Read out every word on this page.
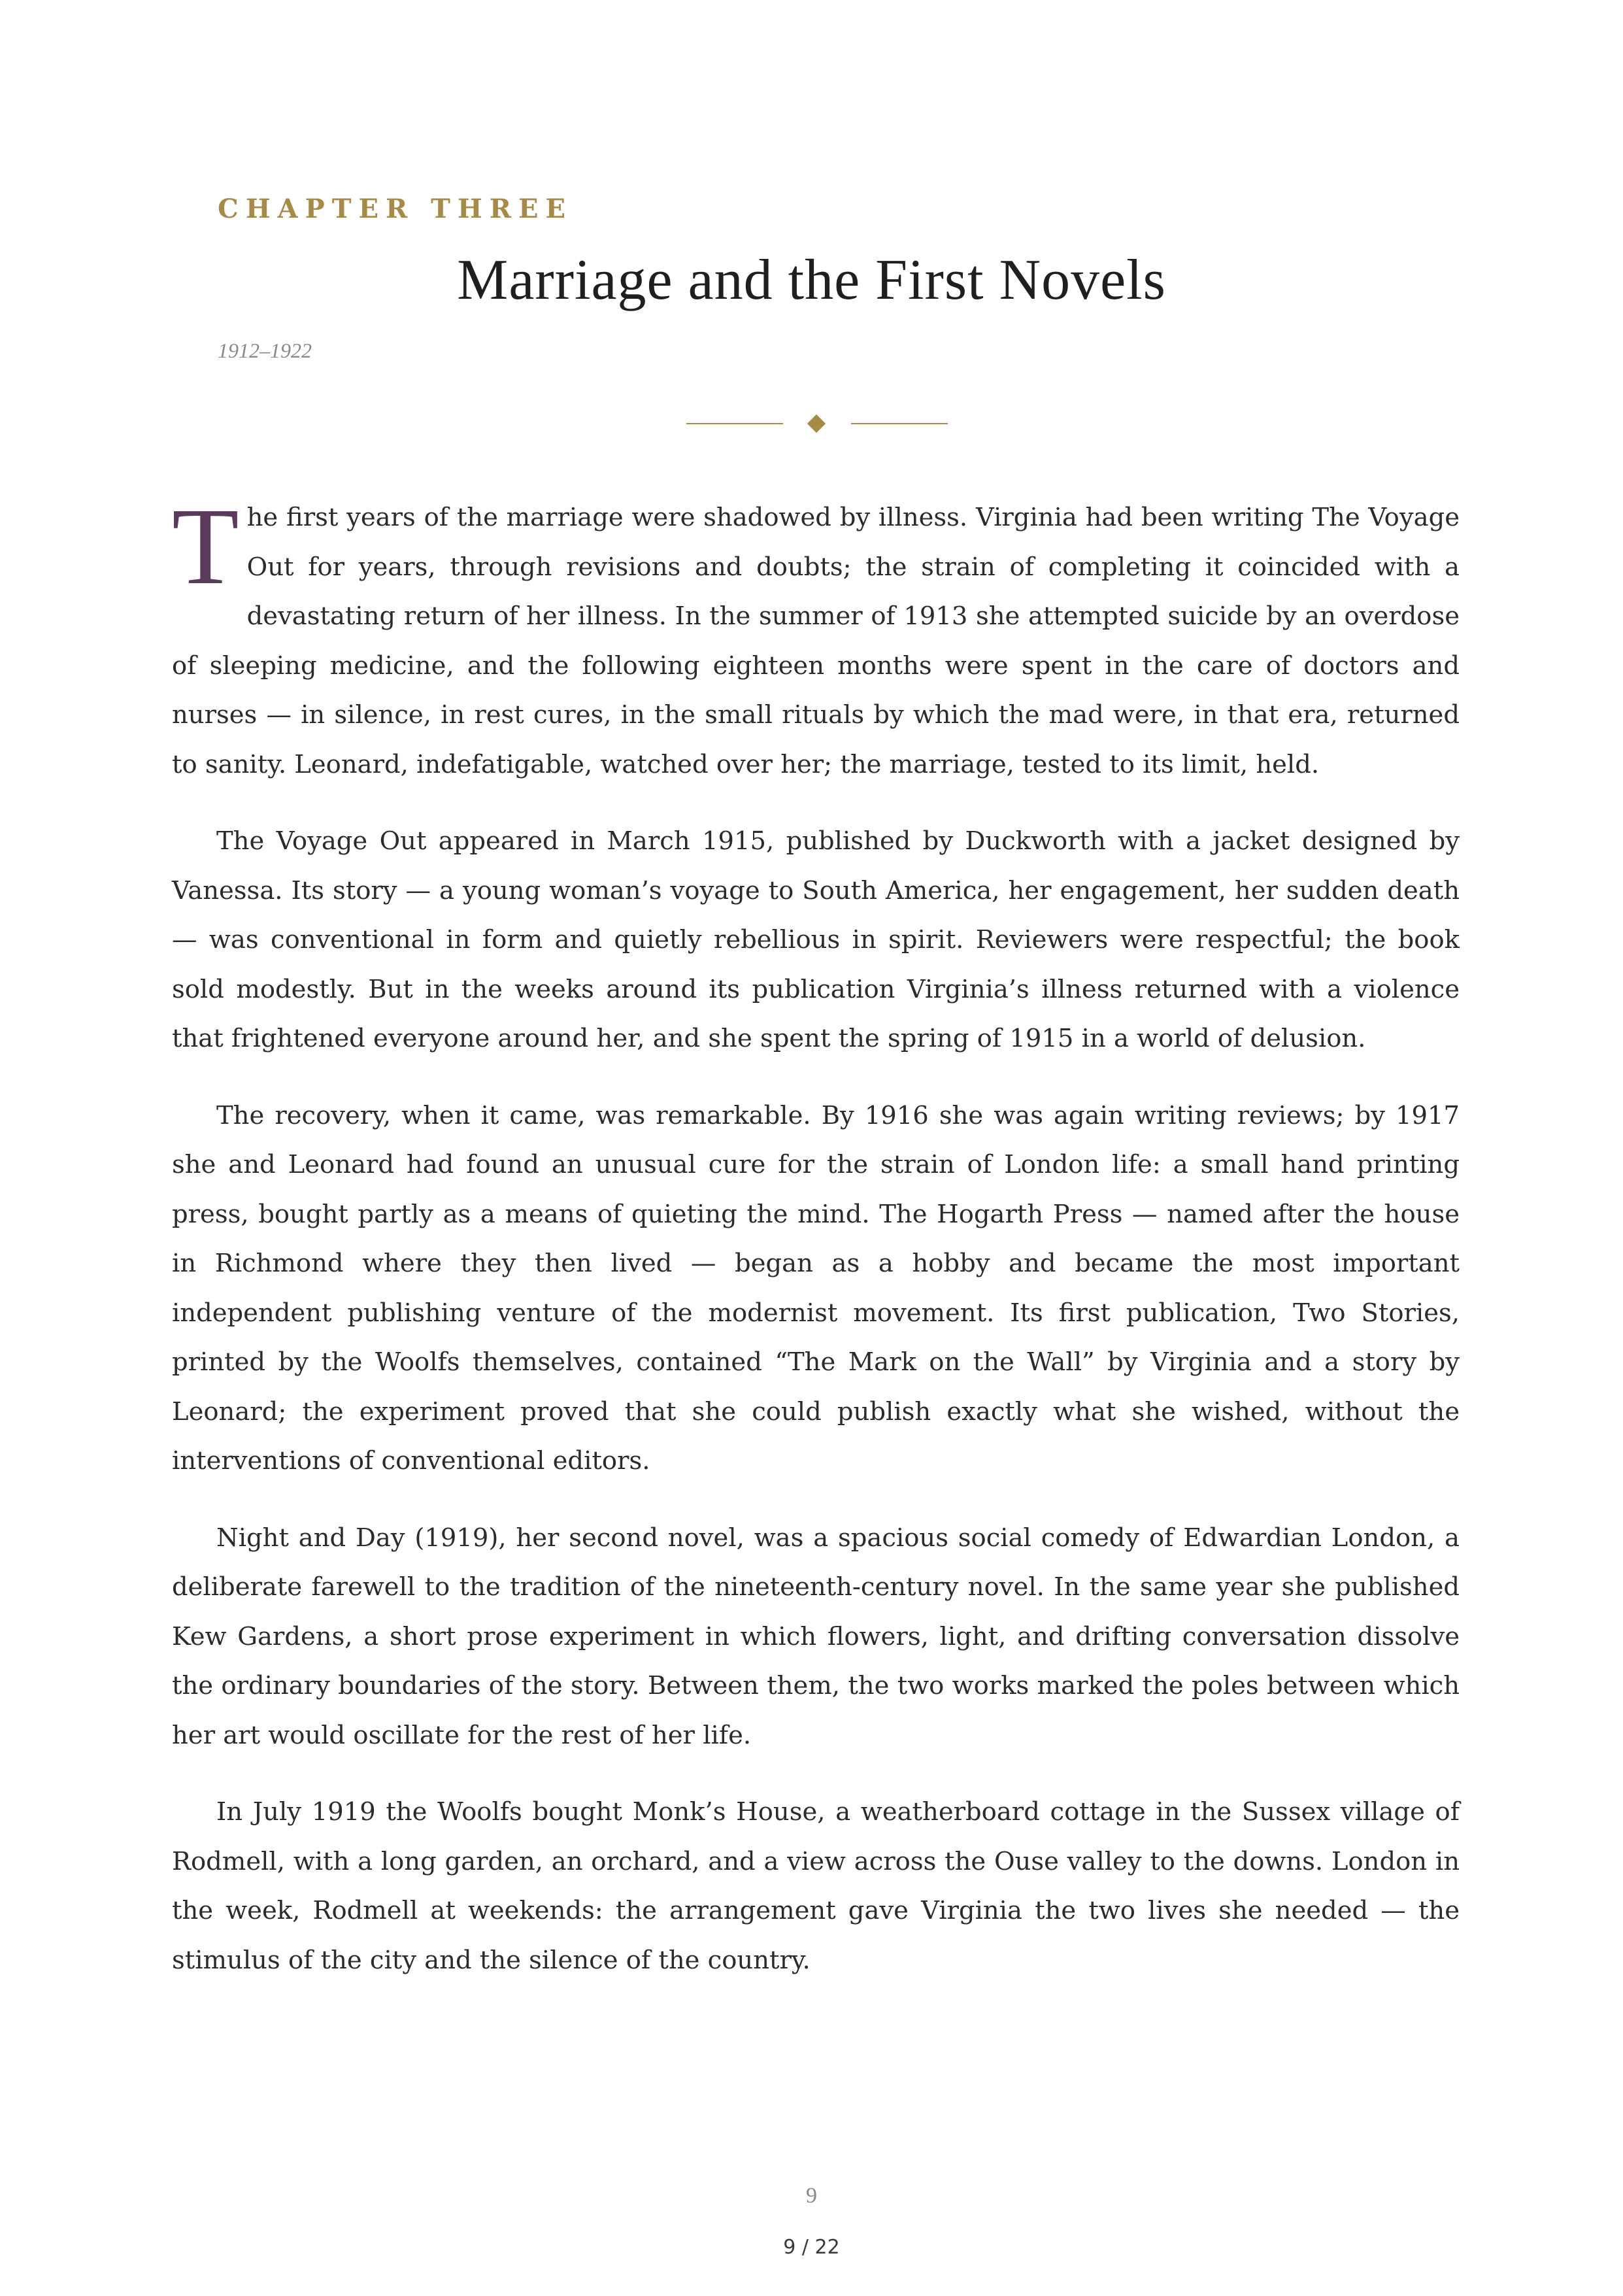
CHAPTER THREE
Marriage and the First Novels
1912–1922

The first years of the marriage were shadowed by illness. Virginia had been writing The Voyage Out for years, through revisions and doubts; the strain of completing it coincided with a devastating return of her illness. In the summer of 1913 she attempted suicide by an overdose of sleeping medicine, and the following eighteen months were spent in the care of doctors and nurses — in silence, in rest cures, in the small rituals by which the mad were, in that era, returned to sanity. Leonard, indefatigable, watched over her; the marriage, tested to its limit, held.

The Voyage Out appeared in March 1915, published by Duckworth with a jacket designed by Vanessa. Its story — a young woman’s voyage to South America, her engagement, her sudden death — was conventional in form and quietly rebellious in spirit. Reviewers were respectful; the book sold modestly. But in the weeks around its publication Virginia’s illness returned with a violence that frightened everyone around her, and she spent the spring of 1915 in a world of delusion.

The recovery, when it came, was remarkable. By 1916 she was again writing reviews; by 1917 she and Leonard had found an unusual cure for the strain of London life: a small hand printing press, bought partly as a means of quieting the mind. The Hogarth Press — named after the house in Richmond where they then lived — began as a hobby and became the most important independent publishing venture of the modernist movement. Its first publication, Two Stories, printed by the Woolfs themselves, contained “The Mark on the Wall” by Virginia and a story by Leonard; the experiment proved that she could publish exactly what she wished, without the interventions of conventional editors.

Night and Day (1919), her second novel, was a spacious social comedy of Edwardian London, a deliberate farewell to the tradition of the nineteenth-century novel. In the same year she published Kew Gardens, a short prose experiment in which flowers, light, and drifting conversation dissolve the ordinary boundaries of the story. Between them, the two works marked the poles between which her art would oscillate for the rest of her life.

In July 1919 the Woolfs bought Monk’s House, a weatherboard cottage in the Sussex village of Rodmell, with a long garden, an orchard, and a view across the Ouse valley to the downs. London in the week, Rodmell at weekends: the arrangement gave Virginia the two lives she needed — the stimulus of the city and the silence of the country.

9
9 / 22
